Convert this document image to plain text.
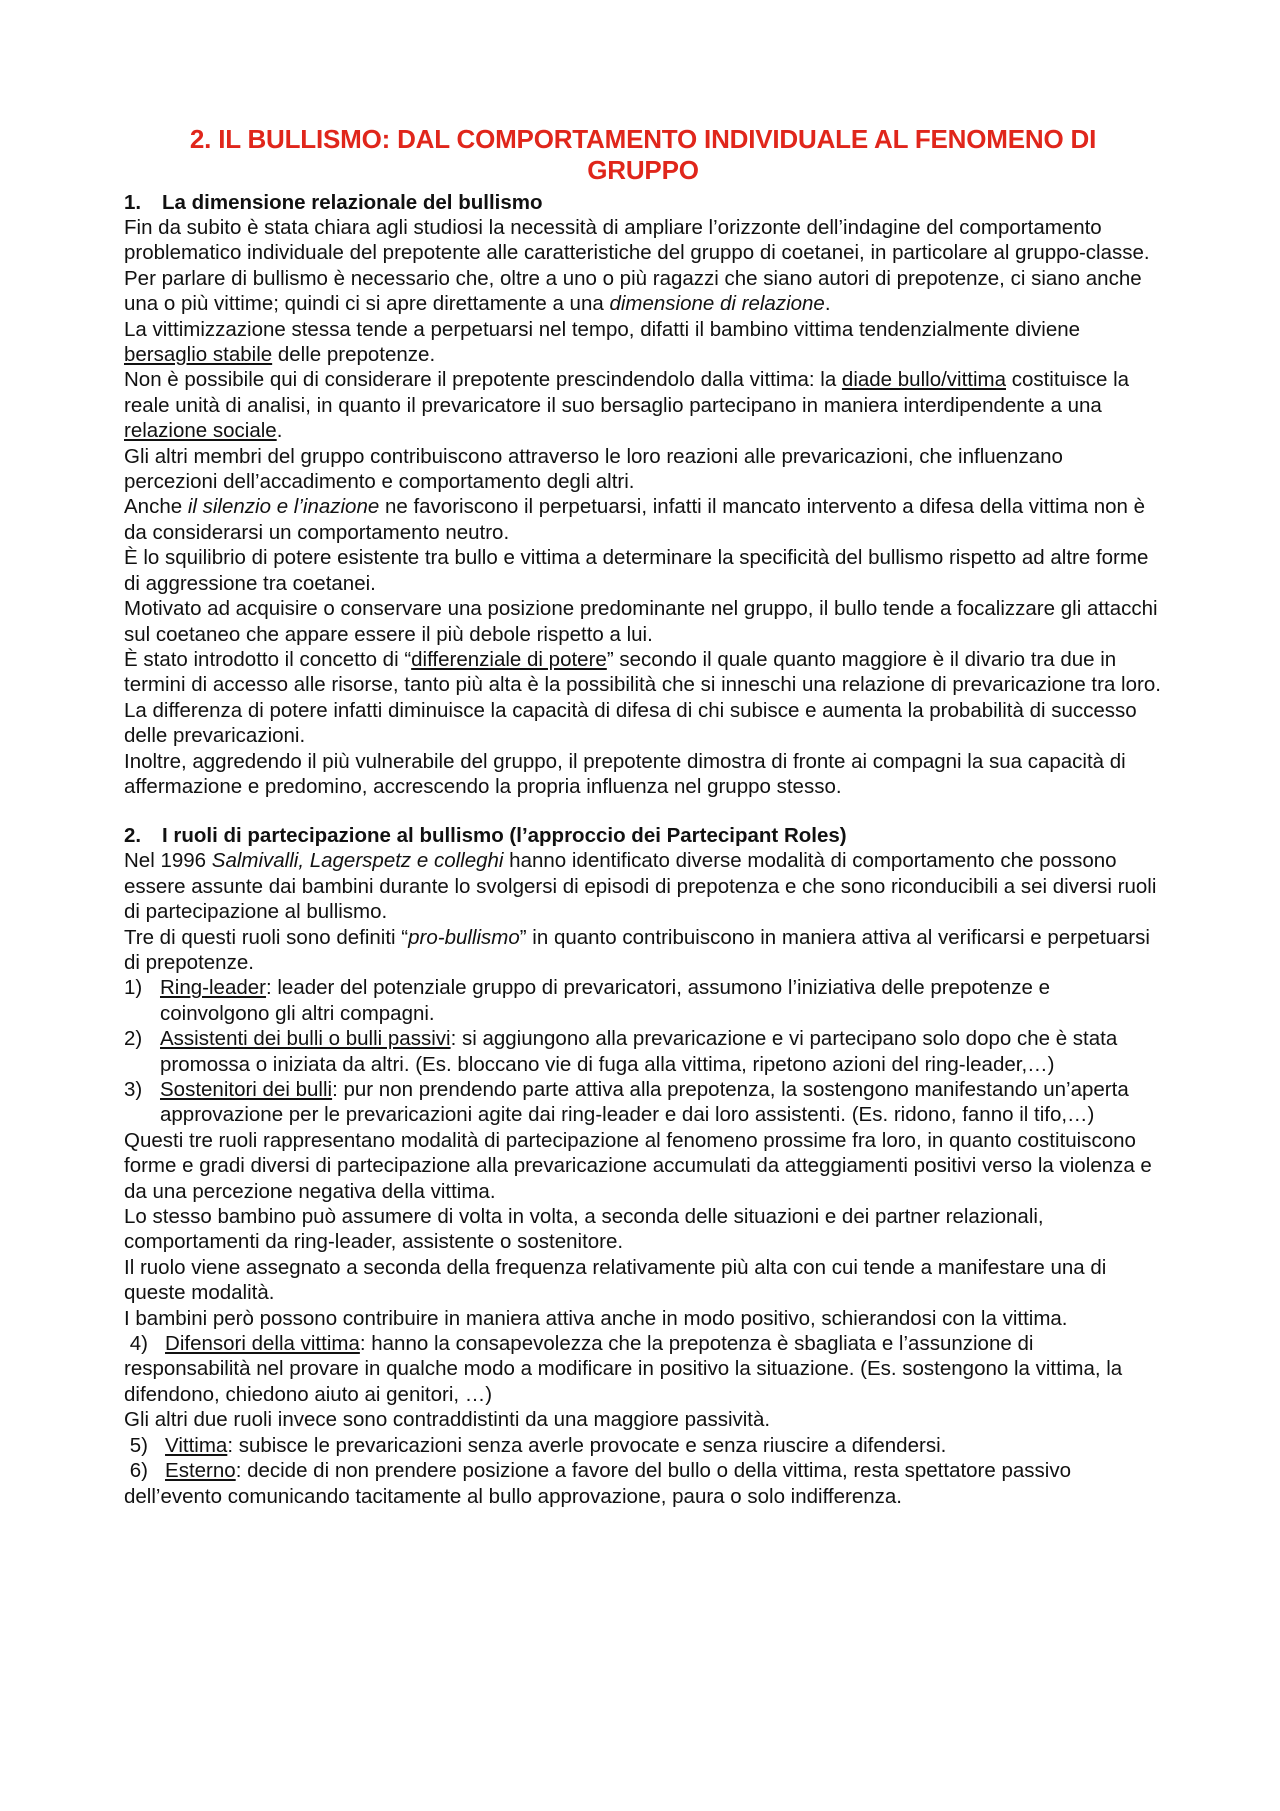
2. IL BULLISMO: DAL COMPORTAMENTO INDIVIDUALE AL FENOMENO DI
GRUPPO
1. La dimensione relazionale del bullismo

Fin da subito è stata chiara agli studiosi la necessità di ampliare l’orizzonte dell’indagine del comportamento problematico individuale del prepotente alle caratteristiche del gruppo di coetanei, in particolare al gruppo-classe.

Per parlare di bullismo è necessario che, oltre a uno o più ragazzi che siano autori di prepotenze, ci siano anche una o più vittime; quindi ci si apre direttamente a una dimensione di relazione.

La vittimizzazione stessa tende a perpetuarsi nel tempo, difatti il bambino vittima tendenzialmente diviene bersaglio stabile delle prepotenze.

Non è possibile qui di considerare il prepotente prescindendolo dalla vittima: la diade bullo/vittima costituisce la reale unità di analisi, in quanto il prevaricatore il suo bersaglio partecipano in maniera interdipendente a una relazione sociale.

Gli altri membri del gruppo contribuiscono attraverso le loro reazioni alle prevaricazioni, che influenzano percezioni dell’accadimento e comportamento degli altri.

Anche il silenzio e l’inazione ne favoriscono il perpetuarsi, infatti il mancato intervento a difesa della vittima non è da considerarsi un comportamento neutro.

È lo squilibrio di potere esistente tra bullo e vittima a determinare la specificità del bullismo rispetto ad altre forme di aggressione tra coetanei.

Motivato ad acquisire o conservare una posizione predominante nel gruppo, il bullo tende a focalizzare gli attacchi sul coetaneo che appare essere il più debole rispetto a lui.

È stato introdotto il concetto di “differenziale di potere” secondo il quale quanto maggiore è il divario tra due in termini di accesso alle risorse, tanto più alta è la possibilità che si inneschi una relazione di prevaricazione tra loro.

La differenza di potere infatti diminuisce la capacità di difesa di chi subisce e aumenta la probabilità di successo delle prevaricazioni.

Inoltre, aggredendo il più vulnerabile del gruppo, il prepotente dimostra di fronte ai compagni la sua capacità di affermazione e predomino, accrescendo la propria influenza nel gruppo stesso.

2. I ruoli di partecipazione al bullismo (l’approccio dei Partecipant Roles)

Nel 1996 Salmivalli, Lagerspetz e colleghi hanno identificato diverse modalità di comportamento che possono essere assunte dai bambini durante lo svolgersi di episodi di prepotenza e che sono riconducibili a sei diversi ruoli di partecipazione al bullismo.

Tre di questi ruoli sono definiti “pro-bullismo” in quanto contribuiscono in maniera attiva al verificarsi e perpetuarsi di prepotenze.

1) Ring-leader: leader del potenziale gruppo di prevaricatori, assumono l’iniziativa delle prepotenze e coinvolgono gli altri compagni.
2) Assistenti dei bulli o bulli passivi: si aggiungono alla prevaricazione e vi partecipano solo dopo che è stata promossa o iniziata da altri. (Es. bloccano vie di fuga alla vittima, ripetono azioni del ring-leader,…)
3) Sostenitori dei bulli: pur non prendendo parte attiva alla prepotenza, la sostengono manifestando un’aperta approvazione per le prevaricazioni agite dai ring-leader e dai loro assistenti. (Es. ridono, fanno il tifo,…)

Questi tre ruoli rappresentano modalità di partecipazione al fenomeno prossime fra loro, in quanto costituiscono forme e gradi diversi di partecipazione alla prevaricazione accumulati da atteggiamenti positivi verso la violenza e da una percezione negativa della vittima.

Lo stesso bambino può assumere di volta in volta, a seconda delle situazioni e dei partner relazionali, comportamenti da ring-leader, assistente o sostenitore.

Il ruolo viene assegnato a seconda della frequenza relativamente più alta con cui tende a manifestare una di queste modalità.

I bambini però possono contribuire in maniera attiva anche in modo positivo, schierandosi con la vittima.

4) Difensori della vittima: hanno la consapevolezza che la prepotenza è sbagliata e l’assunzione di responsabilità nel provare in qualche modo a modificare in positivo la situazione. (Es. sostengono la vittima, la difendono, chiedono aiuto ai genitori, …)

Gli altri due ruoli invece sono contraddistinti da una maggiore passività.

5) Vittima: subisce le prevaricazioni senza averle provocate e senza riuscire a difendersi.

6) Esterno: decide di non prendere posizione a favore del bullo o della vittima, resta spettatore passivo dell’evento comunicando tacitamente al bullo approvazione, paura o solo indifferenza.
